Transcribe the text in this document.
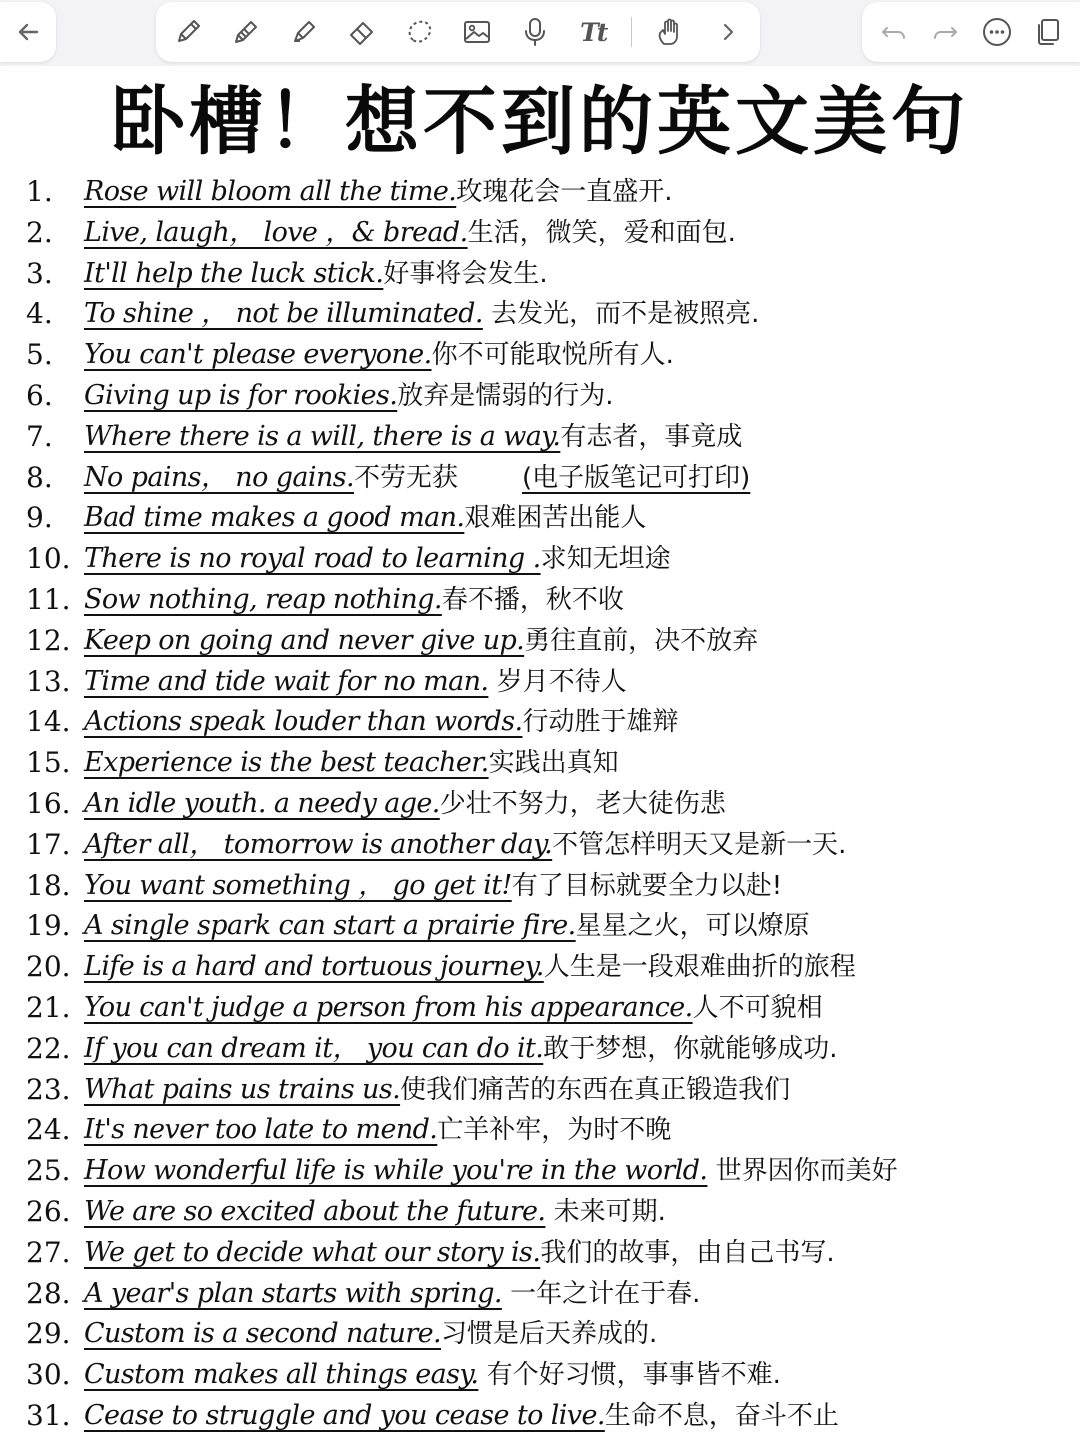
Tt
卧槽！想不到的英文美句
1.	Rose will bloom all the time.玫瑰花会一直盛开.
2.	Live, laugh， love ，& bread.生活，微笑，爱和面包.
3.	It'll help the luck stick.好事将会发生.
4.	To shine ， not be illuminated. 去发光，而不是被照亮.
5.	You can't please everyone.你不可能取悦所有人.
6.	Giving up is for rookies.放弃是懦弱的行为.
7.	Where there is a will, there is a way.有志者，事竟成
8.	No pains， no gains.不劳无获 (电子版笔记可打印)
9.	Bad time makes a good man.艰难困苦出能人
10. There is no royal road to learning .求知无坦途
11. Sow nothing, reap nothing.春不播，秋不收
12. Keep on going and never give up.勇往直前，决不放弃
13. Time and tide wait for no man. 岁月不待人
14. Actions speak louder than words.行动胜于雄辩
15. Experience is the best teacher.实践出真知
16. An idle youth. a needy age.少壮不努力，老大徒伤悲
17. After all， tomorrow is another day.不管怎样明天又是新一天.
18. You want something ， go get it!有了目标就要全力以赴!
19. A single spark can start a prairie fire.星星之火，可以燎原
20. Life is a hard and tortuous journey.人生是一段艰难曲折的旅程
21. You can't judge a person from his appearance.人不可貌相
22. If you can dream it， you can do it.敢于梦想，你就能够成功.
23. What pains us trains us.使我们痛苦的东西在真正锻造我们
24. It's never too late to mend.亡羊补牢，为时不晚
25. How wonderful life is while you're in the world. 世界因你而美好
26. We are so excited about the future. 未来可期.
27. We get to decide what our story is.我们的故事，由自己书写.
28. A year's plan starts with spring. 一年之计在于春.
29. Custom is a second nature.习惯是后天养成的.
30. Custom makes all things easy. 有个好习惯，事事皆不难.
31. Cease to struggle and you cease to live.生命不息，奋斗不止
